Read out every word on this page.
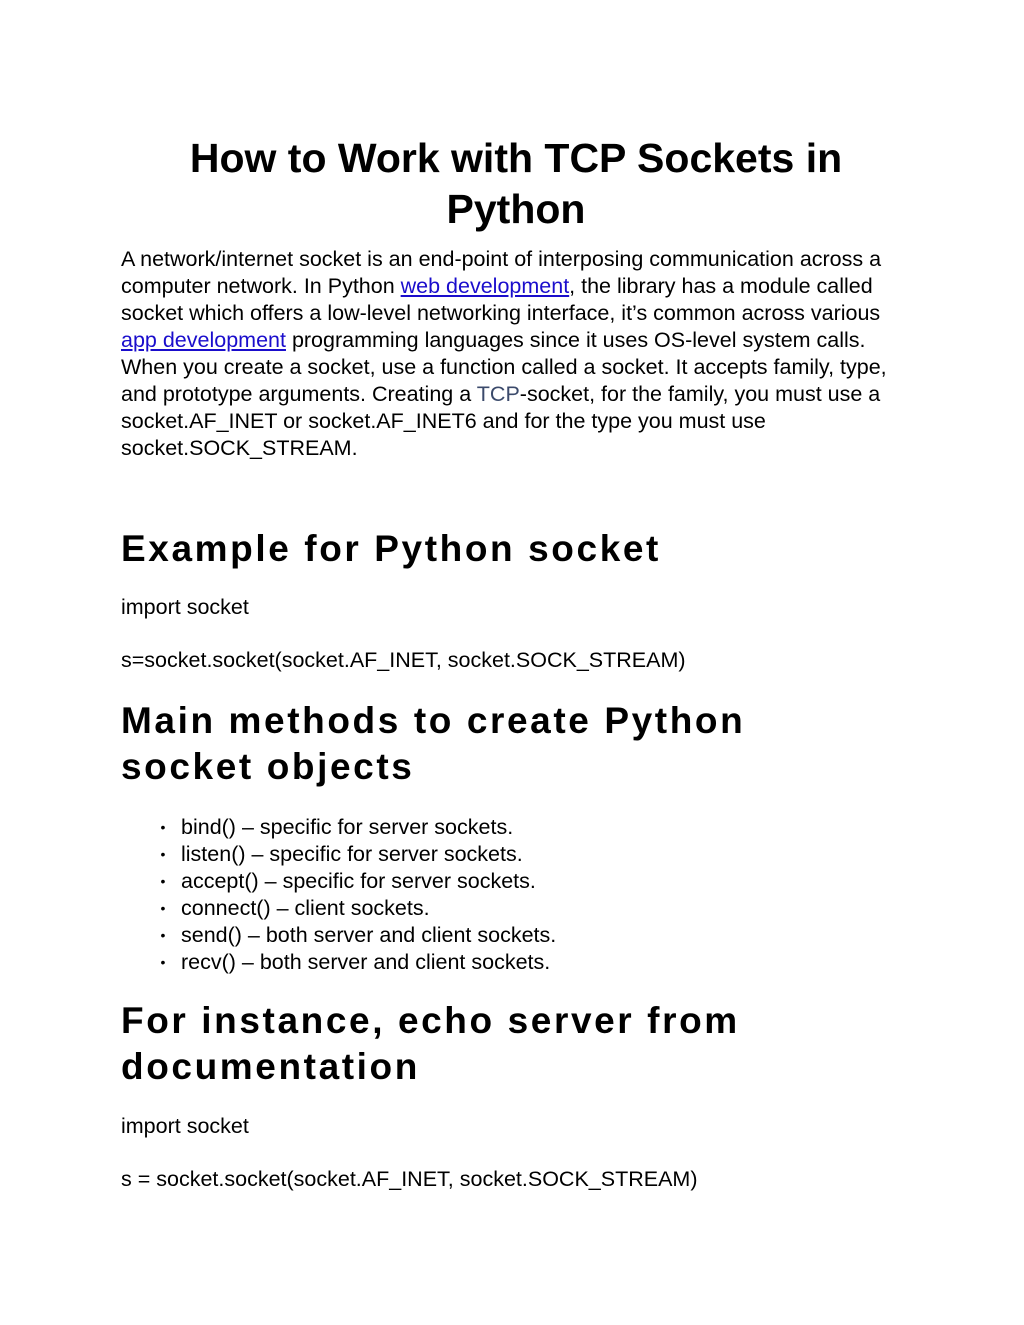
How to Work with TCP Sockets in
Python

A network/internet socket is an end-point of interposing communication across a computer network. In Python web development, the library has a module called socket which offers a low-level networking interface, it’s common across various app development programming languages since it uses OS-level system calls. When you create a socket, use a function called a socket. It accepts family, type, and prototype arguments. Creating a TCP-socket, for the family, you must use a socket.AF_INET or socket.AF_INET6 and for the type you must use socket.SOCK_STREAM.

Example for Python socket

import socket

s=socket.socket(socket.AF_INET, socket.SOCK_STREAM)

Main methods to create Python
socket objects
• bind() – specific for server sockets.
• listen() – specific for server sockets.
• accept() – specific for server sockets.
• connect() – client sockets.
• send() – both server and client sockets.
• recv() – both server and client sockets.
For instance, echo server from
documentation

import socket

s = socket.socket(socket.AF_INET, socket.SOCK_STREAM)
